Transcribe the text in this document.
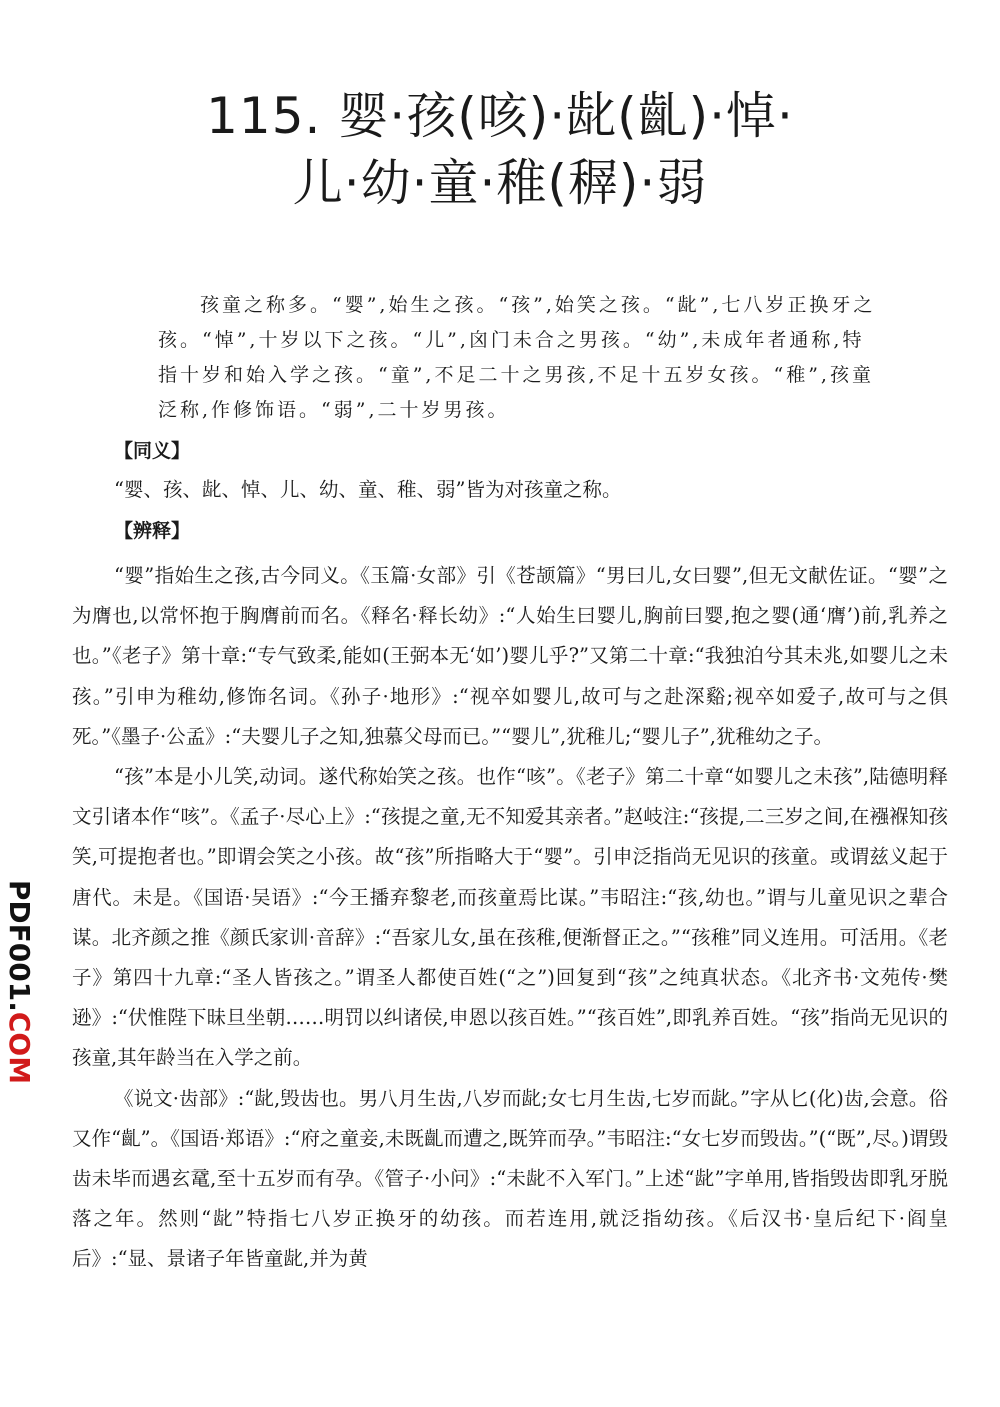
115. 婴·孩(咳)·龀(齓)·悼·
儿·幼·童·稚(稺)·弱
孩童之称多。“婴”,始生之孩。“孩”,始笑之孩。“龀”,七八岁正换牙之孩。“悼”,十岁以下之孩。“儿”,囟门未合之男孩。“幼”,未成年者通称,特指十岁和始入学之孩。“童”,不足二十之男孩,不足十五岁女孩。“稚”,孩童泛称,作修饰语。“弱”,二十岁男孩。
【同义】
“婴、孩、龀、悼、儿、幼、童、稚、弱”皆为对孩童之称。
【辨释】

“婴”指始生之孩,古今同义。《玉篇·女部》引《苍颉篇》“男曰儿,女曰婴”,但无文献佐证。“婴”之为膺也,以常怀抱于胸膺前而名。《释名·释长幼》:“人始生曰婴儿,胸前曰婴,抱之婴(通‘膺’)前,乳养之也。”《老子》第十章:“专气致柔,能如(王弼本无‘如’)婴儿乎?”又第二十章:“我独泊兮其未兆,如婴儿之未孩。”引申为稚幼,修饰名词。《孙子·地形》:“视卒如婴儿,故可与之赴深谿;视卒如爱子,故可与之俱死。”《墨子·公孟》:“夫婴儿子之知,独慕父母而已。”“婴儿”,犹稚儿;“婴儿子”,犹稚幼之子。

“孩”本是小儿笑,动词。遂代称始笑之孩。也作“咳”。《老子》第二十章“如婴儿之未孩”,陆德明释文引诸本作“咳”。《孟子·尽心上》:“孩提之童,无不知爱其亲者。”赵岐注:“孩提,二三岁之间,在襁褓知孩笑,可提抱者也。”即谓会笑之小孩。故“孩”所指略大于“婴”。引申泛指尚无见识的孩童。或谓兹义起于唐代。未是。《国语·吴语》:“今王播弃黎老,而孩童焉比谋。”韦昭注:“孩,幼也。”谓与儿童见识之辈合谋。北齐颜之推《颜氏家训·音辞》:“吾家儿女,虽在孩稚,便渐督正之。”“孩稚”同义连用。可活用。《老子》第四十九章:“圣人皆孩之。”谓圣人都使百姓(“之”)回复到“孩”之纯真状态。《北齐书·文苑传·樊逊》:“伏惟陛下昧旦坐朝……明罚以纠诸侯,申恩以孩百姓。”“孩百姓”,即乳养百姓。“孩”指尚无见识的孩童,其年龄当在入学之前。

《说文·齿部》:“龀,毁齿也。男八月生齿,八岁而龀;女七月生齿,七岁而龀。”字从匕(化)齿,会意。俗又作“齓”。《国语·郑语》:“府之童妾,未既齓而遭之,既笄而孕。”韦昭注:“女七岁而毁齿。”(“既”,尽。)谓毁齿未毕而遇玄鼋,至十五岁而有孕。《管子·小问》:“未龀不入军门。”上述“龀”字单用,皆指毁齿即乳牙脱落之年。然则“龀”特指七八岁正换牙的幼孩。而若连用,就泛指幼孩。《后汉书·皇后纪下·阎皇后》:“显、景诸子年皆童龀,并为黄

PDF001.COM
